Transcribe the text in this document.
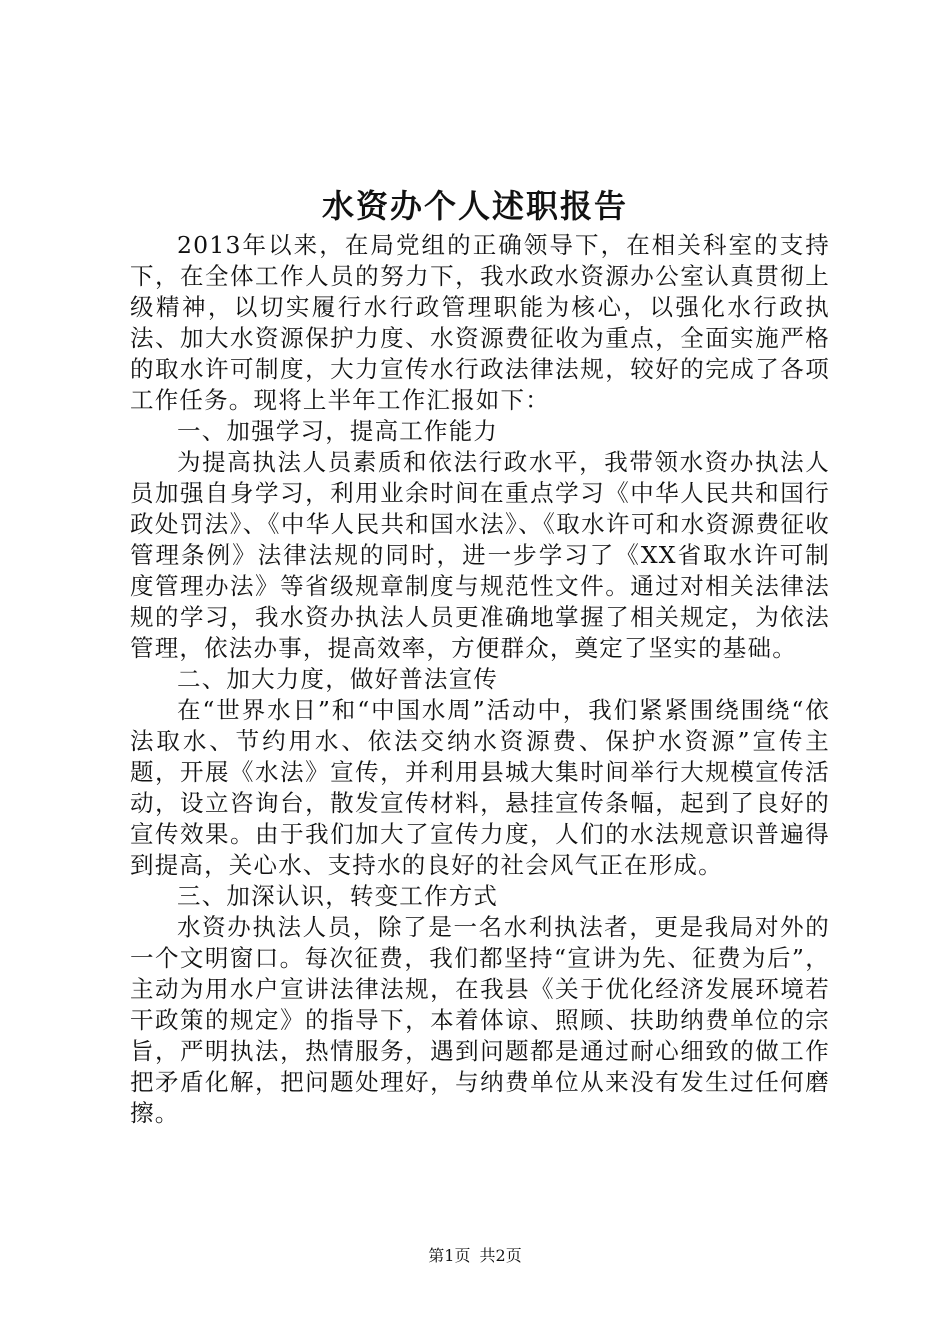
水资办个人述职报告

2013年以来，在局党组的正确领导下，在相关科室的支持下，在全体工作人员的努力下，我水政水资源办公室认真贯彻上级精神，以切实履行水行政管理职能为核心，以强化水行政执法、加大水资源保护力度、水资源费征收为重点，全面实施严格的取水许可制度，大力宣传水行政法律法规，较好的完成了各项工作任务。现将上半年工作汇报如下：

一、加强学习，提高工作能力

为提高执法人员素质和依法行政水平，我带领水资办执法人员加强自身学习，利用业余时间在重点学习《中华人民共和国行政处罚法》、《中华人民共和国水法》、《取水许可和水资源费征收管理条例》法律法规的同时，进一步学习了《XX省取水许可制度管理办法》等省级规章制度与规范性文件。通过对相关法律法规的学习，我水资办执法人员更准确地掌握了相关规定，为依法管理，依法办事，提高效率，方便群众，奠定了坚实的基础。

二、加大力度，做好普法宣传

在“世界水日”和“中国水周”活动中，我们紧紧围绕围绕“依法取水、节约用水、依法交纳水资源费、保护水资源”宣传主题，开展《水法》宣传，并利用县城大集时间举行大规模宣传活动，设立咨询台，散发宣传材料，悬挂宣传条幅，起到了良好的宣传效果。由于我们加大了宣传力度，人们的水法规意识普遍得到提高，关心水、支持水的良好的社会风气正在形成。

三、加深认识，转变工作方式

水资办执法人员，除了是一名水利执法者，更是我局对外的一个文明窗口。每次征费，我们都坚持“宣讲为先、征费为后”，主动为用水户宣讲法律法规，在我县《关于优化经济发展环境若干政策的规定》的指导下，本着体谅、照顾、扶助纳费单位的宗旨，严明执法，热情服务，遇到问题都是通过耐心细致的做工作把矛盾化解，把问题处理好，与纳费单位从来没有发生过任何磨擦。

第1页 共2页
